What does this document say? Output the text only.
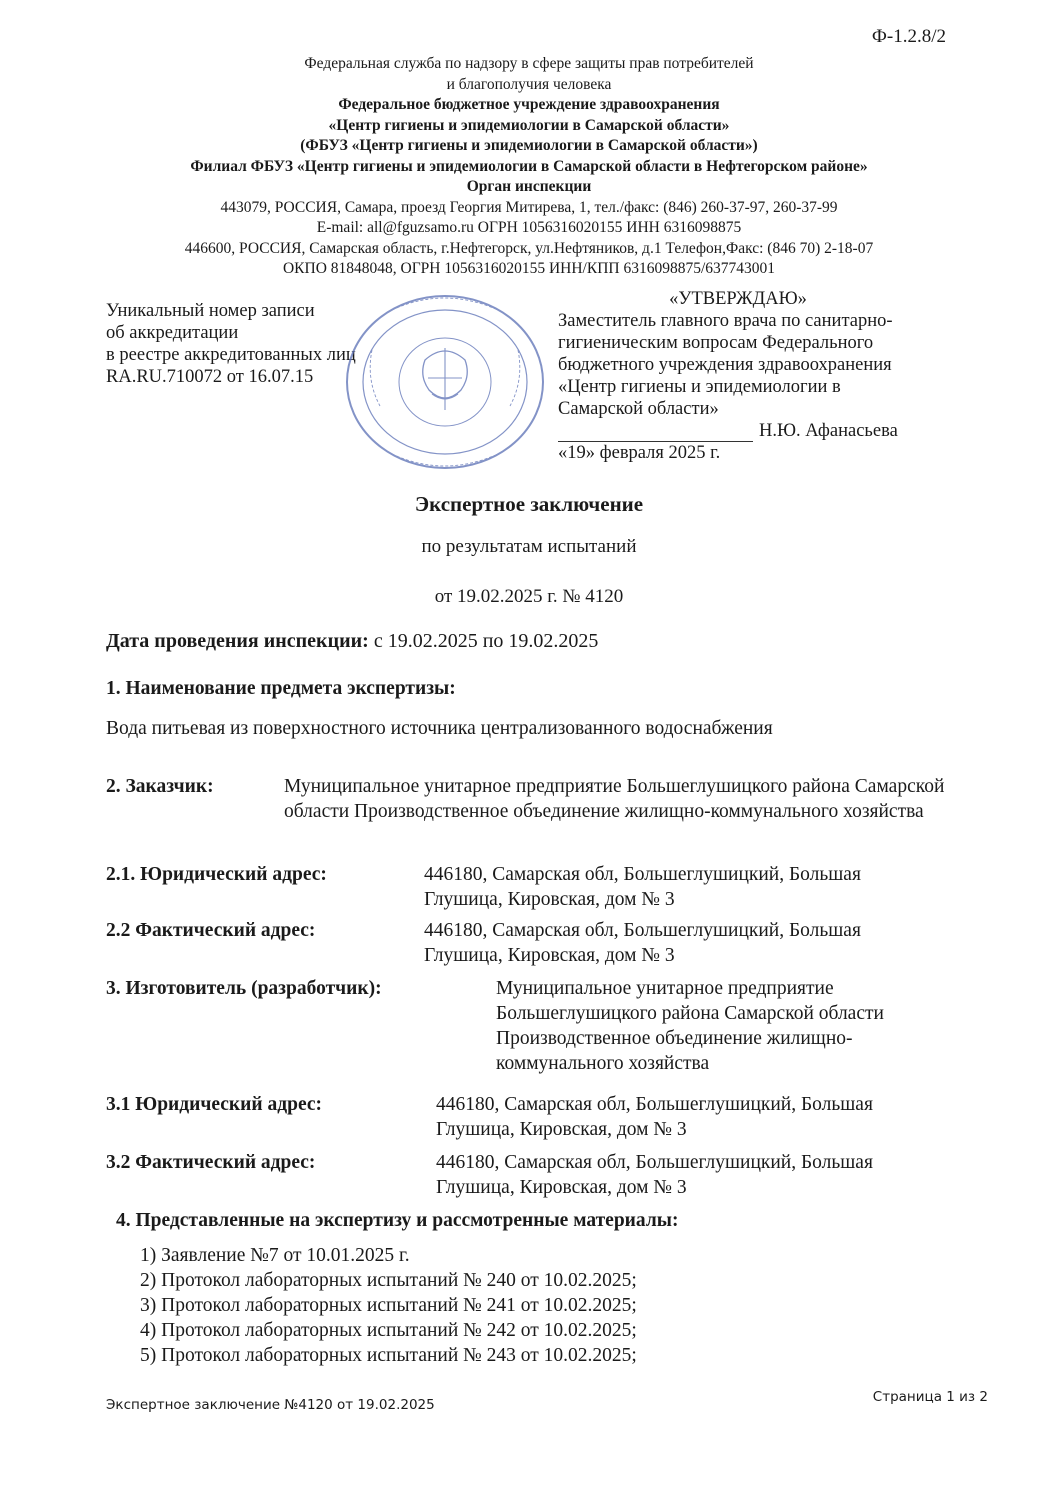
Ф-1.2.8/2
Федеральная служба по надзору в сфере защиты прав потребителей
и благополучия человека
Федеральное бюджетное учреждение здравоохранения
«Центр гигиены и эпидемиологии в Самарской области»
(ФБУЗ «Центр гигиены и эпидемиологии в Самарской области»)
Филиал ФБУЗ «Центр гигиены и эпидемиологии в Самарской области в Нефтегорском районе»
Орган инспекции
443079, РОССИЯ, Самара, проезд Георгия Митирева, 1, тел./факс: (846) 260-37-97, 260-37-99
E-mail: all@fguzsamo.ru ОГРН 1056316020155 ИНН 6316098875
446600, РОССИЯ, Самарская область, г.Нефтегорск, ул.Нефтяников, д.1 Телефон,Факс: (846 70) 2-18-07
ОКПО 81848048, ОГРН 1056316020155 ИНН/КПП 6316098875/637743001
Уникальный номер записи
об аккредитации
в реестре аккредитованных лиц
RA.RU.710072 от 16.07.15
«УТВЕРЖДАЮ»
Заместитель главного врача по санитарно-
гигиеническим вопросам Федерального
бюджетного учреждения здравоохранения
«Центр гигиены и эпидемиологии в
Самарской области»
Н.Ю. Афанасьева
«19» февраля 2025 г.
Экспертное заключение
по результатам испытаний
от 19.02.2025 г. № 4120
Дата проведения инспекции: с 19.02.2025 по 19.02.2025
1. Наименование предмета экспертизы:
Вода питьевая из поверхностного источника централизованного водоснабжения
2. Заказчик:	Муниципальное унитарное предприятие Большеглушицкого района Самарской области Производственное объединение жилищно-коммунального хозяйства
2.1. Юридический адрес:	446180, Самарская обл, Большеглушицкий, Большая Глушица, Кировская, дом № 3
2.2 Фактический адрес:	446180, Самарская обл, Большеглушицкий, Большая Глушица, Кировская, дом № 3
3. Изготовитель (разработчик):	Муниципальное унитарное предприятие Большеглушицкого района Самарской области Производственное объединение жилищно-коммунального хозяйства
3.1 Юридический адрес:	446180, Самарская обл, Большеглушицкий, Большая Глушица, Кировская, дом № 3
3.2 Фактический адрес:	446180, Самарская обл, Большеглушицкий, Большая Глушица, Кировская, дом № 3
4. Представленные на экспертизу и рассмотренные материалы:
1) Заявление №7 от 10.01.2025 г.
2) Протокол лабораторных испытаний № 240 от 10.02.2025;
3) Протокол лабораторных испытаний № 241 от 10.02.2025;
4) Протокол лабораторных испытаний № 242 от 10.02.2025;
5) Протокол лабораторных испытаний № 243 от 10.02.2025;
Экспертное заключение №4120 от 19.02.2025	Страница 1 из 2
